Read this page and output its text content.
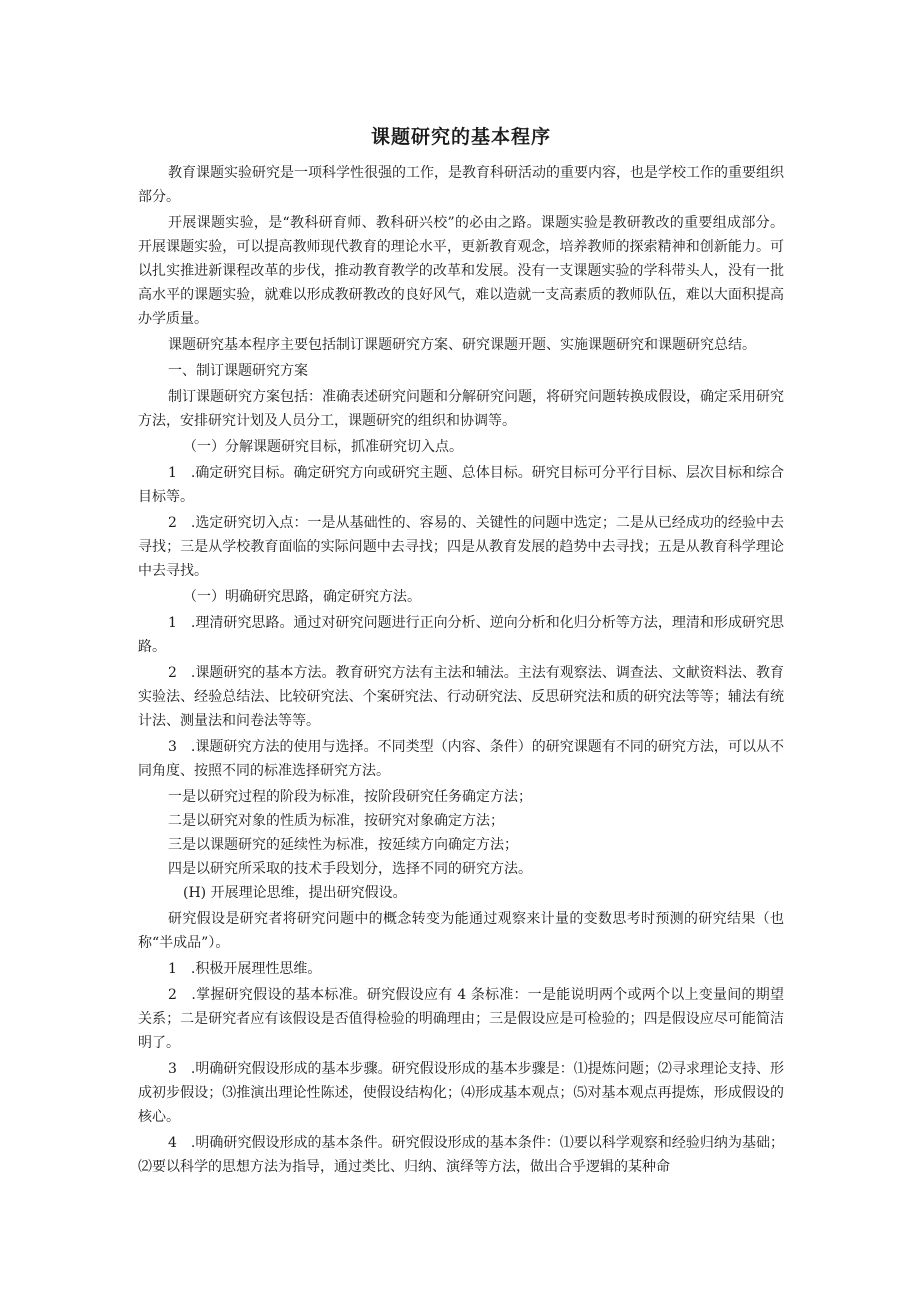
课题研究的基本程序

教育课题实验研究是一项科学性很强的工作，是教育科研活动的重要内容，也是学校工作的重要组织部分。

开展课题实验，是“教科研育师、教科研兴校”的必由之路。课题实验是教研教改的重要组成部分。开展课题实验，可以提高教师现代教育的理论水平，更新教育观念，培养教师的探索精神和创新能力。可以扎实推进新课程改革的步伐，推动教育教学的改革和发展。没有一支课题实验的学科带头人，没有一批高水平的课题实验，就难以形成教研教改的良好风气，难以造就一支高素质的教师队伍，难以大面积提高办学质量。

课题研究基本程序主要包括制订课题研究方案、研究课题开题、实施课题研究和课题研究总结。

一、制订课题研究方案

制订课题研究方案包括：准确表述研究问题和分解研究问题，将研究问题转换成假设，确定采用研究方法，安排研究计划及人员分工，课题研究的组织和协调等。

（一）分解课题研究目标，抓准研究切入点。

1　.确定研究目标。确定研究方向或研究主题、总体目标。研究目标可分平行目标、层次目标和综合目标等。

2　.选定研究切入点：一是从基础性的、容易的、关键性的问题中选定；二是从已经成功的经验中去寻找；三是从学校教育面临的实际问题中去寻找；四是从教育发展的趋势中去寻找；五是从教育科学理论中去寻找。

（一）明确研究思路，确定研究方法。

1　.理清研究思路。通过对研究问题进行正向分析、逆向分析和化归分析等方法，理清和形成研究思路。

2　.课题研究的基本方法。教育研究方法有主法和辅法。主法有观察法、调查法、文献资料法、教育实验法、经验总结法、比较研究法、个案研究法、行动研究法、反思研究法和质的研究法等等；辅法有统计法、测量法和问卷法等等。

3　.课题研究方法的使用与选择。不同类型（内容、条件）的研究课题有不同的研究方法，可以从不同角度、按照不同的标准选择研究方法。

一是以研究过程的阶段为标准，按阶段研究任务确定方法；

二是以研究对象的性质为标准，按研究对象确定方法；

三是以课题研究的延续性为标准，按延续方向确定方法；

四是以研究所采取的技术手段划分，选择不同的研究方法。

(H) 开展理论思维，提出研究假设。

研究假设是研究者将研究问题中的概念转变为能通过观察来计量的变数思考时预测的研究结果（也称“半成品”）。

1　.积极开展理性思维。

2　.掌握研究假设的基本标准。研究假设应有 4 条标准：一是能说明两个或两个以上变量间的期望关系；二是研究者应有该假设是否值得检验的明确理由；三是假设应是可检验的；四是假设应尽可能简洁明了。

3　.明确研究假设形成的基本步骤。研究假设形成的基本步骤是：⑴提炼问题；⑵寻求理论支持、形成初步假设；⑶推演出理论性陈述，使假设结构化；⑷形成基本观点；⑸对基本观点再提炼，形成假设的核心。

4　.明确研究假设形成的基本条件。研究假设形成的基本条件：⑴要以科学观察和经验归纳为基础；⑵要以科学的思想方法为指导，通过类比、归纳、演绎等方法，做出合乎逻辑的某种命
